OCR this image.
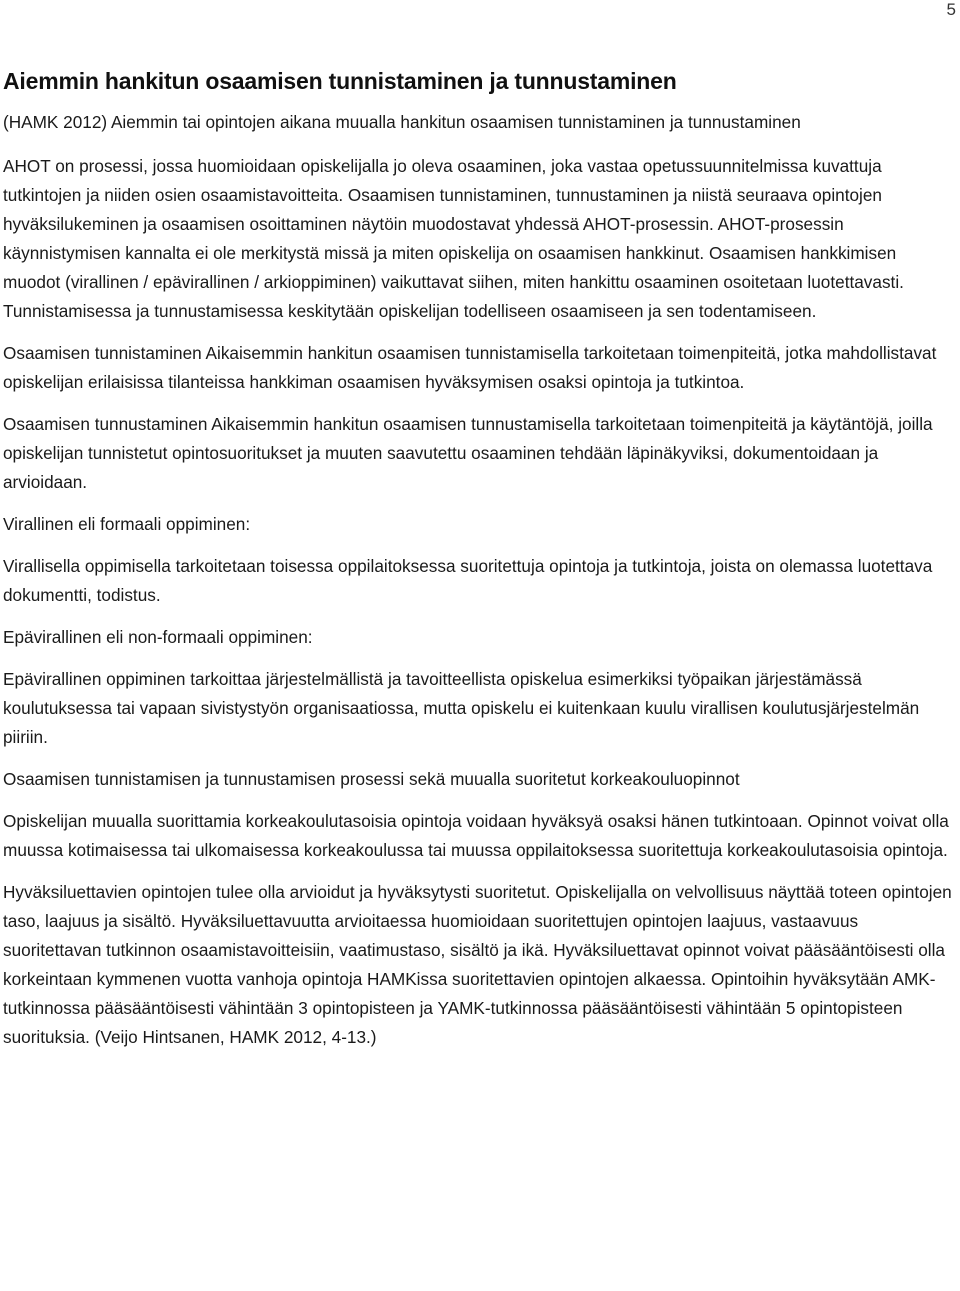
5
Aiemmin hankitun osaamisen tunnistaminen ja tunnustaminen

(HAMK 2012) Aiemmin tai opintojen aikana muualla hankitun osaamisen tunnistaminen ja tunnustaminen

AHOT on prosessi, jossa huomioidaan opiskelijalla jo oleva osaaminen, joka vastaa opetussuunnitelmissa kuvattuja tutkintojen ja niiden osien osaamistavoitteita. Osaamisen tunnistaminen, tunnustaminen ja niistä seuraava opintojen hyväksilukeminen ja osaamisen osoittaminen näytöin muodostavat yhdessä AHOT-prosessin. AHOT-prosessin käynnistymisen kannalta ei ole merkitystä missä ja miten opiskelija on osaamisen hankkinut. Osaamisen hankkimisen muodot (virallinen / epävirallinen / arkioppiminen) vaikuttavat siihen, miten hankittu osaaminen osoitetaan luotettavasti. Tunnistamisessa ja tunnustamisessa keskitytään opiskelijan todelliseen osaamiseen ja sen todentamiseen.

Osaamisen tunnistaminen Aikaisemmin hankitun osaamisen tunnistamisella tarkoitetaan toimenpiteitä, jotka mahdollistavat opiskelijan erilaisissa tilanteissa hankkiman osaamisen hyväksymisen osaksi opintoja ja tutkintoa.

Osaamisen tunnustaminen Aikaisemmin hankitun osaamisen tunnustamisella tarkoitetaan toimenpiteitä ja käytäntöjä, joilla opiskelijan tunnistetut opintosuoritukset ja muuten saavutettu osaaminen tehdään läpinäkyviksi, dokumentoidaan ja arvioidaan.

Virallinen eli formaali oppiminen:

Virallisella oppimisella tarkoitetaan toisessa oppilaitoksessa suoritettuja opintoja ja tutkintoja, joista on olemassa luotettava dokumentti, todistus.

Epävirallinen eli non-formaali oppiminen:

Epävirallinen oppiminen tarkoittaa järjestelmällistä ja tavoitteellista opiskelua esimerkiksi työpaikan järjestämässä koulutuksessa tai vapaan sivistystyön organisaatiossa, mutta opiskelu ei kuitenkaan kuulu virallisen koulutusjärjestelmän piiriin.

Osaamisen tunnistamisen ja tunnustamisen prosessi sekä muualla suoritetut korkeakouluopinnot

Opiskelijan muualla suorittamia korkeakoulutasoisia opintoja voidaan hyväksyä osaksi hänen tutkintoaan. Opinnot voivat olla muussa kotimaisessa tai ulkomaisessa korkeakoulussa tai muussa oppilaitoksessa suoritettuja korkeakoulutasoisia opintoja.

Hyväksiluettavien opintojen tulee olla arvioidut ja hyväksytysti suoritetut. Opiskelijalla on velvollisuus näyttää toteen opintojen taso, laajuus ja sisältö. Hyväksiluettavuutta arvioitaessa huomioidaan suoritettujen opintojen laajuus, vastaavuus suoritettavan tutkinnon osaamistavoitteisiin, vaatimustaso, sisältö ja ikä. Hyväksiluettavat opinnot voivat pääsääntöisesti olla korkeintaan kymmenen vuotta vanhoja opintoja HAMKissa suoritettavien opintojen alkaessa. Opintoihin hyväksytään AMK-tutkinnossa pääsääntöisesti vähintään 3 opintopisteen ja YAMK-tutkinnossa pääsääntöisesti vähintään 5 opintopisteen suorituksia. (Veijo Hintsanen, HAMK 2012, 4-13.)
